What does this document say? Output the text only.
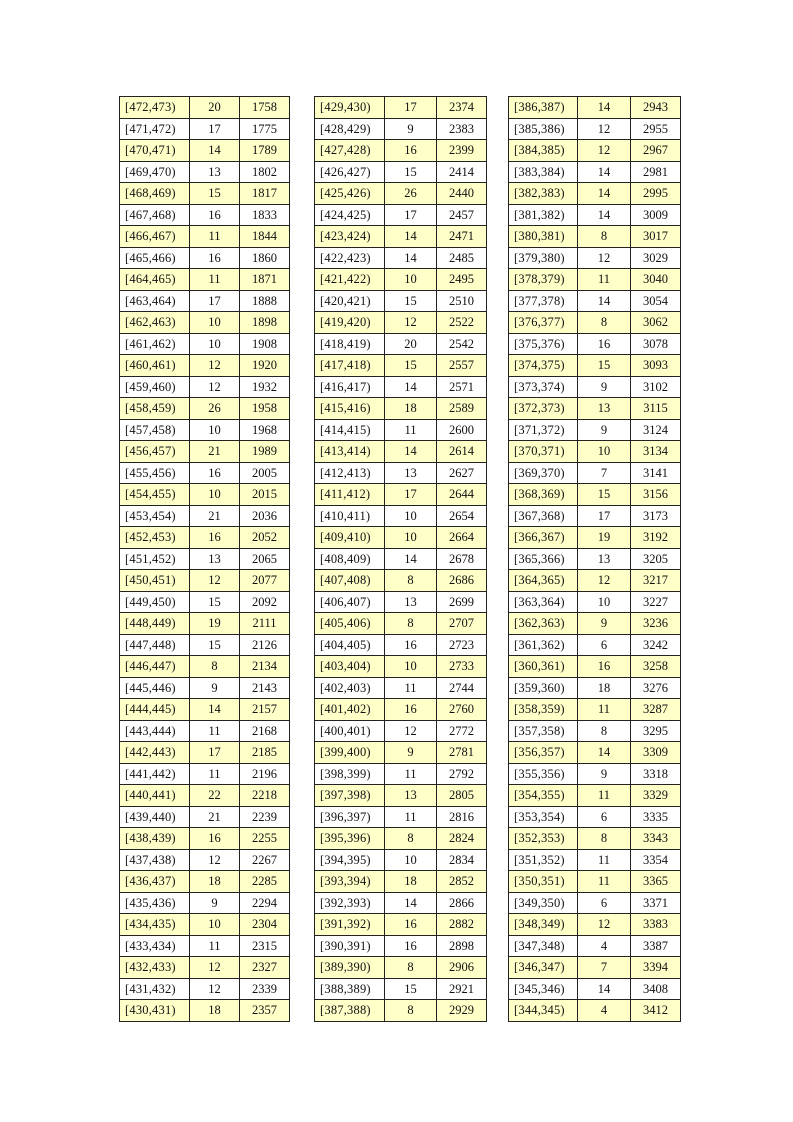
[472,473)	20	1758
[471,472)	17	1775
[470,471)	14	1789
[469,470)	13	1802
[468,469)	15	1817
[467,468)	16	1833
[466,467)	11	1844
[465,466)	16	1860
[464,465)	11	1871
[463,464)	17	1888
[462,463)	10	1898
[461,462)	10	1908
[460,461)	12	1920
[459,460)	12	1932
[458,459)	26	1958
[457,458)	10	1968
[456,457)	21	1989
[455,456)	16	2005
[454,455)	10	2015
[453,454)	21	2036
[452,453)	16	2052
[451,452)	13	2065
[450,451)	12	2077
[449,450)	15	2092
[448,449)	19	2111
[447,448)	15	2126
[446,447)	8	2134
[445,446)	9	2143
[444,445)	14	2157
[443,444)	11	2168
[442,443)	17	2185
[441,442)	11	2196
[440,441)	22	2218
[439,440)	21	2239
[438,439)	16	2255
[437,438)	12	2267
[436,437)	18	2285
[435,436)	9	2294
[434,435)	10	2304
[433,434)	11	2315
[432,433)	12	2327
[431,432)	12	2339
[430,431)	18	2357
[429,430)	17	2374
[428,429)	9	2383
[427,428)	16	2399
[426,427)	15	2414
[425,426)	26	2440
[424,425)	17	2457
[423,424)	14	2471
[422,423)	14	2485
[421,422)	10	2495
[420,421)	15	2510
[419,420)	12	2522
[418,419)	20	2542
[417,418)	15	2557
[416,417)	14	2571
[415,416)	18	2589
[414,415)	11	2600
[413,414)	14	2614
[412,413)	13	2627
[411,412)	17	2644
[410,411)	10	2654
[409,410)	10	2664
[408,409)	14	2678
[407,408)	8	2686
[406,407)	13	2699
[405,406)	8	2707
[404,405)	16	2723
[403,404)	10	2733
[402,403)	11	2744
[401,402)	16	2760
[400,401)	12	2772
[399,400)	9	2781
[398,399)	11	2792
[397,398)	13	2805
[396,397)	11	2816
[395,396)	8	2824
[394,395)	10	2834
[393,394)	18	2852
[392,393)	14	2866
[391,392)	16	2882
[390,391)	16	2898
[389,390)	8	2906
[388,389)	15	2921
[387,388)	8	2929
[386,387)	14	2943
[385,386)	12	2955
[384,385)	12	2967
[383,384)	14	2981
[382,383)	14	2995
[381,382)	14	3009
[380,381)	8	3017
[379,380)	12	3029
[378,379)	11	3040
[377,378)	14	3054
[376,377)	8	3062
[375,376)	16	3078
[374,375)	15	3093
[373,374)	9	3102
[372,373)	13	3115
[371,372)	9	3124
[370,371)	10	3134
[369,370)	7	3141
[368,369)	15	3156
[367,368)	17	3173
[366,367)	19	3192
[365,366)	13	3205
[364,365)	12	3217
[363,364)	10	3227
[362,363)	9	3236
[361,362)	6	3242
[360,361)	16	3258
[359,360)	18	3276
[358,359)	11	3287
[357,358)	8	3295
[356,357)	14	3309
[355,356)	9	3318
[354,355)	11	3329
[353,354)	6	3335
[352,353)	8	3343
[351,352)	11	3354
[350,351)	11	3365
[349,350)	6	3371
[348,349)	12	3383
[347,348)	4	3387
[346,347)	7	3394
[345,346)	14	3408
[344,345)	4	3412
